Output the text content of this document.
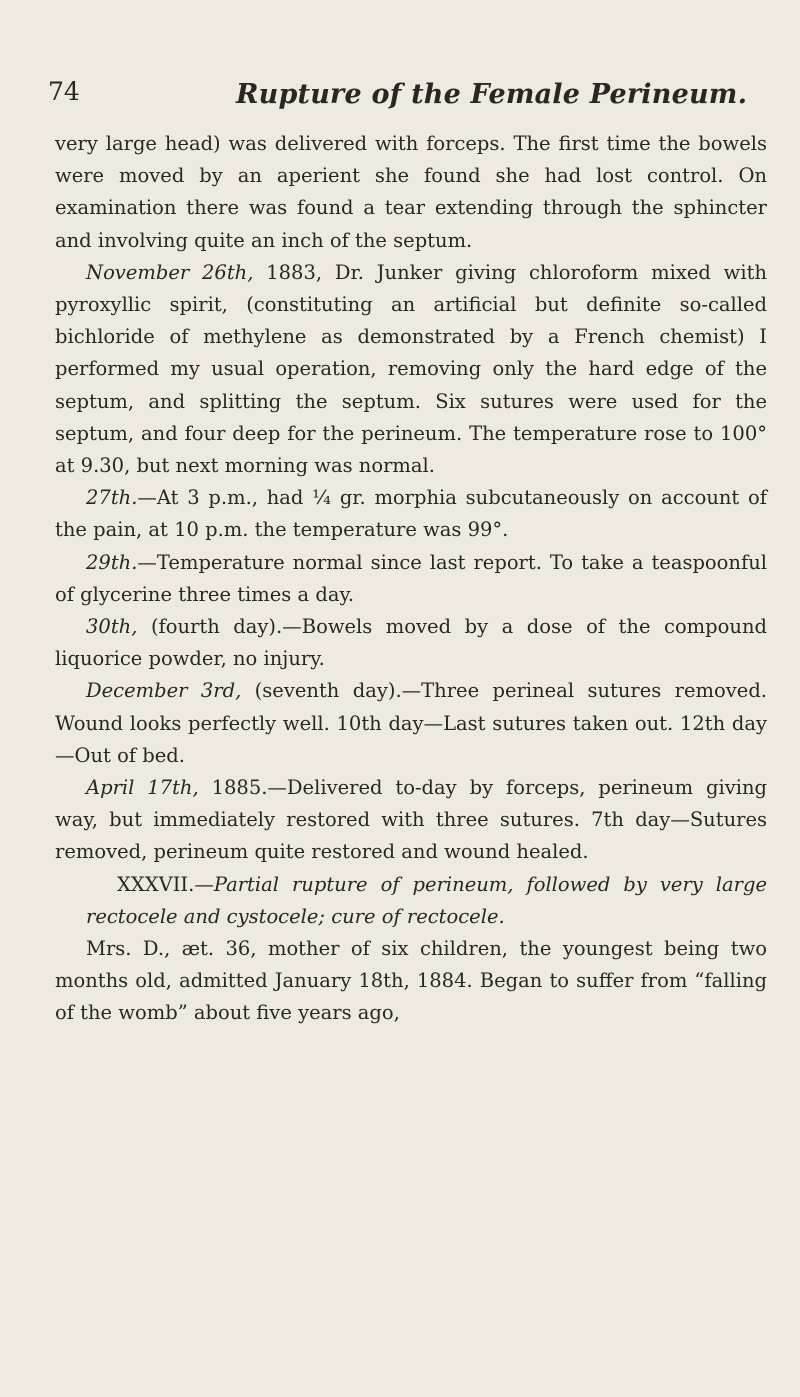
74	Rupture of the Female Perineum.

very large head) was delivered with forceps. The first time the bowels were moved by an aperient she found she had lost control. On examination there was found a tear extending through the sphincter and involving quite an inch of the septum.

November 26th, 1883, Dr. Junker giving chloroform mixed with pyroxyllic spirit, (constituting an artificial but definite so-called bichloride of methylene as demonstrated by a French chemist) I performed my usual operation, removing only the hard edge of the septum, and splitting the septum. Six sutures were used for the septum, and four deep for the perineum. The temperature rose to 100° at 9.30, but next morning was normal.

27th.—At 3 p.m., had ¼ gr. morphia subcutaneously on account of the pain, at 10 p.m. the temperature was 99°.

29th.—Temperature normal since last report. To take a teaspoonful of glycerine three times a day.

30th, (fourth day).—Bowels moved by a dose of the compound liquorice powder, no injury.

December 3rd, (seventh day).—Three perineal sutures removed. Wound looks perfectly well. 10th day—Last sutures taken out. 12th day—Out of bed.

April 17th, 1885.—Delivered to-day by forceps, perineum giving way, but immediately restored with three sutures. 7th day—Sutures removed, perineum quite restored and wound healed.

XXXVII.—Partial rupture of perineum, followed by very large rectocele and cystocele; cure of rectocele.

Mrs. D., æt. 36, mother of six children, the youngest being two months old, admitted January 18th, 1884. Began to suffer from “falling of the womb” about five years ago,
